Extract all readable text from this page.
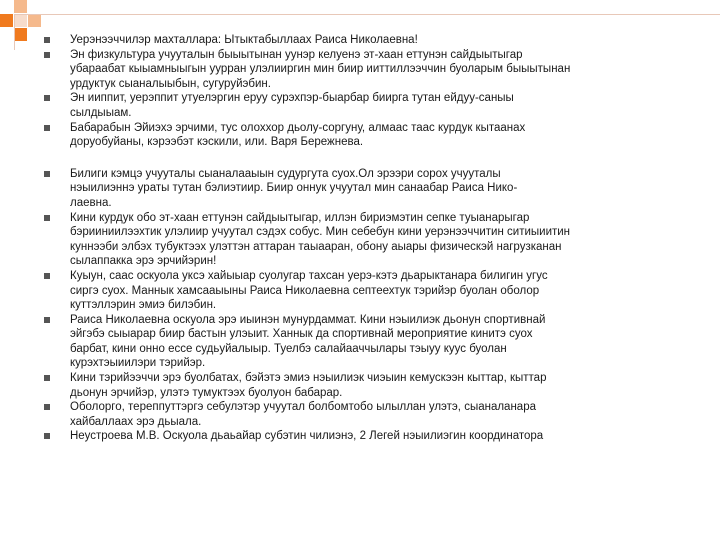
Уерэнээччилэр махталлара: Ытыктабыллаах Раиса Николаевна!

Эн физкультура учууталын быыытынан уунэр келуенэ эт-хаан еттунэн сайдыытыгар
убараабат кыыамныыгын уурран улэлииргин мин биир ииттиллээччин буоларым быыытынан
урдуктук сыаналыыбын, сугуруйэбин.

Эн ииппит, уерэппит утуелэргин еруу сурэхпэр-быарбар биирга тутан ейдуу-саныы
сылдыыам.

Бабарабын Эйиэхэ эрчими, тус олоххор дьолу-соргуну, алмаас таас курдук кытаанах
доруобуйаны, кэрээбэт кэскили, или. Варя Бережнева.

Билиги кэмцэ учууталы сыаналааыын судургута суох.Ол эрээри сорох учууталы
нэыилиэннэ ураты тутан бэлиэтиир. Биир оннук учуутал мин санаабар Раиса Нико-
лаевна.

Кини курдук обо эт-хаан еттунэн сайдыытыгар, иллэн бириэмэтин сепке туыанарыгар
бэрииниилээхтик улэлиир учуутал сэдэх собус. Мин себебун кини уерэнээччитин ситиыиитин
куннээби элбэх тубуктээх улэттэн аттаран таыааран, обону аыары физическэй нагрузканан
сылаппакка эрэ эрчийэрин!

Куыун, саас оскуола уксэ хайыыар суолугар тахсан уерэ-кэтэ дьарыктанара билигин угус
сиргэ суох. Маннык хамсааыыны Раиса Николаевна септеехтук тэрийэр буолан оболор
куттэллэрин эмиэ билэбин.

Раиса Николаевна оскуола эрэ иыинэн мунурдаммат. Кини нэыилиэк дьонун спортивнай
эйгэбэ сыыарар биир бастын улэыит. Ханнык да спортивнай мероприятие кинитэ суох
барбат, кини онно ессе судьуйалыыр. Туелбэ салайааччылары тэыуу куус буолан
курэхтэыиилэри тэрийэр.

Кини тэрийээччи эрэ буолбатах, бэйэтэ эмиэ нэыилиэк чиэыин кемускээн кыттар, кыттар
дьонун эрчийэр, улэтэ тумуктээх буолуон бабарар.

Оболорго, тереппуттэргэ себулэтэр учуутал болбомтобо ылыллан улэтэ, сыаналанара
хайбаллаах эрэ дьыала.

Неустроева М.В. Оскуола дьаьайар субэтин чилиэнэ, 2 Легей нэыилиэгин координатора
